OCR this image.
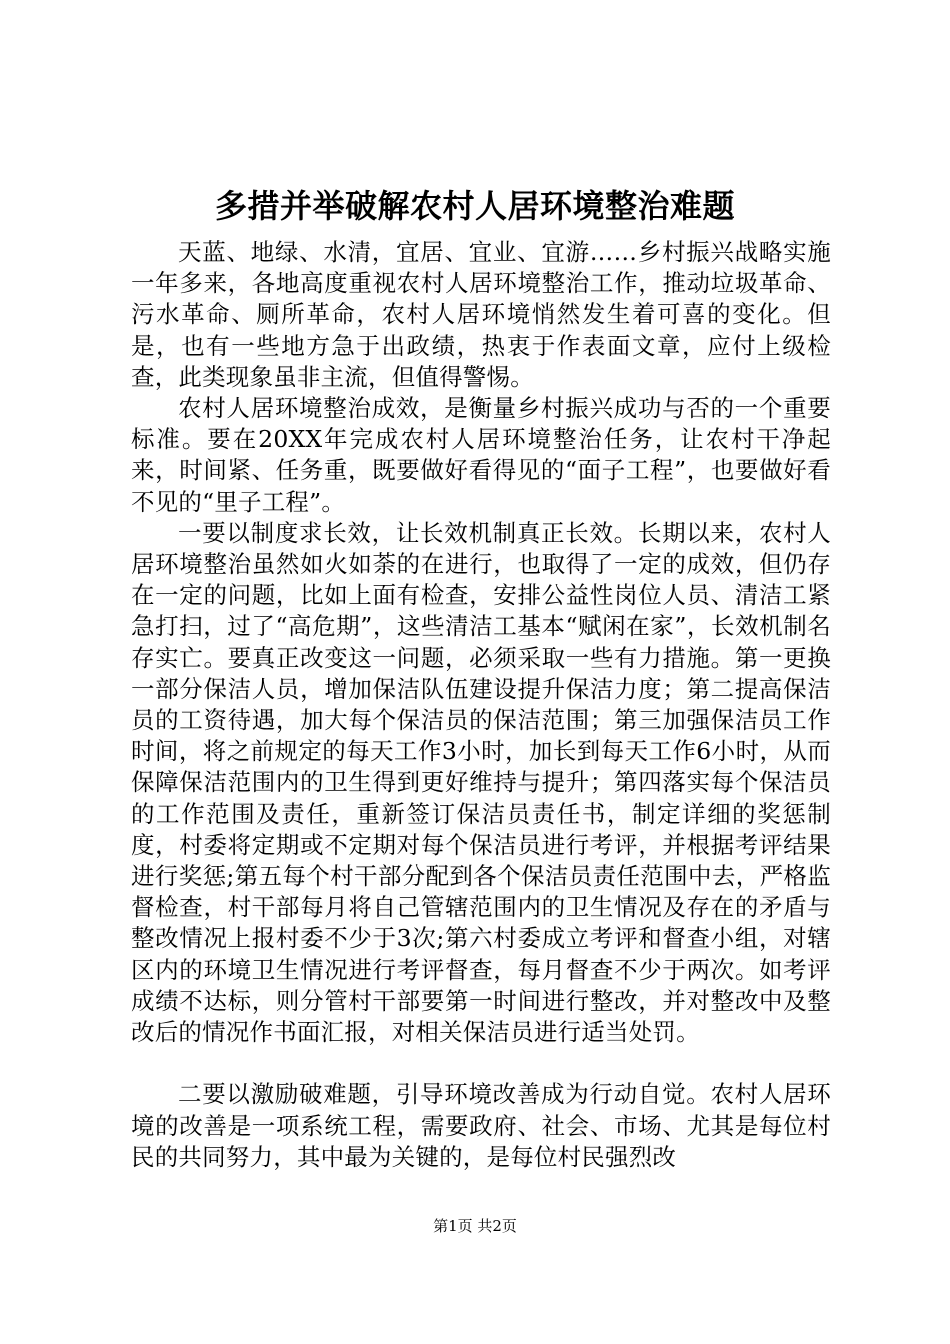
多措并举破解农村人居环境整治难题

天蓝、地绿、水清，宜居、宜业、宜游……乡村振兴战略实施一年多来，各地高度重视农村人居环境整治工作，推动垃圾革命、污水革命、厕所革命，农村人居环境悄然发生着可喜的变化。但是，也有一些地方急于出政绩，热衷于作表面文章，应付上级检查，此类现象虽非主流，但值得警惕。

农村人居环境整治成效，是衡量乡村振兴成功与否的一个重要标准。要在20XX年完成农村人居环境整治任务，让农村干净起来，时间紧、任务重，既要做好看得见的“面子工程”，也要做好看不见的“里子工程”。

一要以制度求长效，让长效机制真正长效。长期以来，农村人居环境整治虽然如火如荼的在进行，也取得了一定的成效，但仍存在一定的问题，比如上面有检查，安排公益性岗位人员、清洁工紧急打扫，过了“高危期”，这些清洁工基本“赋闲在家”，长效机制名存实亡。要真正改变这一问题，必须采取一些有力措施。第一更换一部分保洁人员，增加保洁队伍建设提升保洁力度；第二提高保洁员的工资待遇，加大每个保洁员的保洁范围；第三加强保洁员工作时间，将之前规定的每天工作3小时，加长到每天工作6小时，从而保障保洁范围内的卫生得到更好维持与提升；第四落实每个保洁员的工作范围及责任，重新签订保洁员责任书，制定详细的奖惩制度，村委将定期或不定期对每个保洁员进行考评，并根据考评结果进行奖惩;第五每个村干部分配到各个保洁员责任范围中去，严格监督检查，村干部每月将自己管辖范围内的卫生情况及存在的矛盾与整改情况上报村委不少于3次;第六村委成立考评和督查小组，对辖区内的环境卫生情况进行考评督查，每月督查不少于两次。如考评成绩不达标，则分管村干部要第一时间进行整改，并对整改中及整改后的情况作书面汇报，对相关保洁员进行适当处罚。

二要以激励破难题，引导环境改善成为行动自觉。农村人居环境的改善是一项系统工程，需要政府、社会、市场、尤其是每位村民的共同努力，其中最为关键的，是每位村民强烈改

第1页 共2页
